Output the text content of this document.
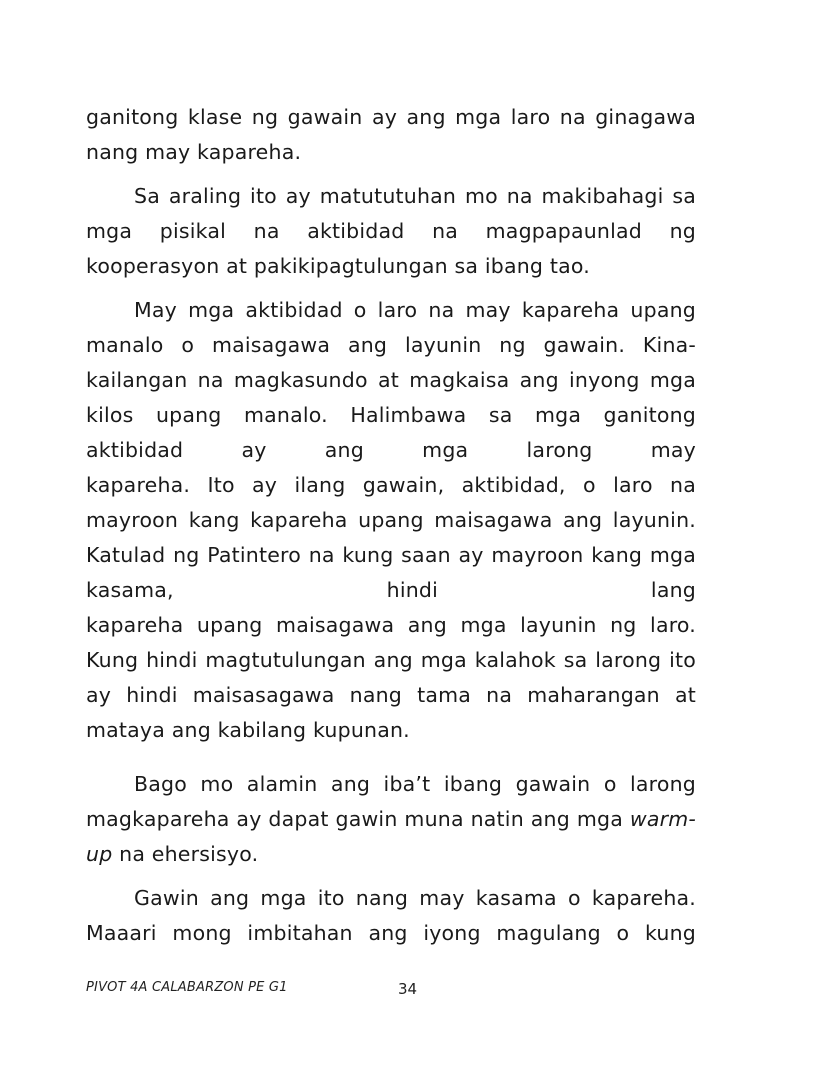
ganitong klase ng gawain ay ang mga laro na ginagawa nang may kapareha.

Sa araling ito ay matututuhan mo na makibahagi sa mga pisikal na aktibidad na magpapaunlad ng kooperasyon at pakikipagtulungan sa ibang tao.

May mga aktibidad o laro na may kapareha upang manalo o maisagawa ang layunin ng gawain. Kina-kailangan na magkasundo at magkaisa ang inyong mga kilos upang manalo. Halimbawa sa mga ganitong aktibidad ay ang mga larong may

kapareha. Ito ay ilang gawain, aktibidad, o laro na mayroon kang kapareha upang maisagawa ang layunin. Katulad ng Patintero na kung saan ay mayroon kang mga kasama, hindi lang

kapareha upang maisagawa ang mga layunin ng laro. Kung hindi magtutulungan ang mga kalahok sa larong ito ay hindi maisasagawa nang tama na maharangan at mataya ang kabilang kupunan.

Bago mo alamin ang iba’t ibang gawain o larong magkapareha ay dapat gawin muna natin ang mga warm-up na ehersisyo.

Gawin ang mga ito nang may kasama o kapareha. Maaari mong imbitahan ang iyong magulang o kung

PIVOT 4A CALABARZON PE G1	34
